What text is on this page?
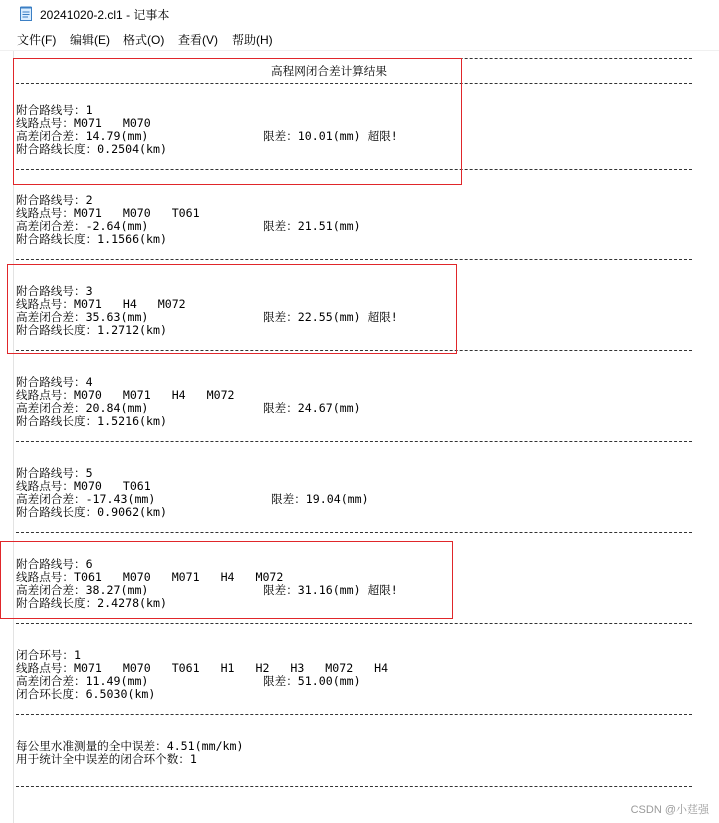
20241020-2.cl1 - 记事本
文件(F) 编辑(E) 格式(O) 查看(V) 帮助(H)
高程网闭合差计算结果
附合路线号：1
线路点号：M071   M070
高差闭合差：14.79(mm)	限差：10.01(mm) 超限!
附合路线长度：0.2504(km)
附合路线号：2
线路点号：M071   M070   T061
高差闭合差：-2.64(mm)	限差：21.51(mm)
附合路线长度：1.1566(km)
附合路线号：3
线路点号：M071   H4   M072
高差闭合差：35.63(mm)	限差：22.55(mm) 超限!
附合路线长度：1.2712(km)
附合路线号：4
线路点号：M070   M071   H4   M072
高差闭合差：20.84(mm)	限差：24.67(mm)
附合路线长度：1.5216(km)
附合路线号：5
线路点号：M070   T061
高差闭合差：-17.43(mm)	限差：19.04(mm)
附合路线长度：0.9062(km)
附合路线号：6
线路点号：T061   M070   M071   H4   M072
高差闭合差：38.27(mm)	限差：31.16(mm) 超限!
附合路线长度：2.4278(km)
闭合环号：1
线路点号：M071   M070   T061   H1   H2   H3   M072   H4
高差闭合差：11.49(mm)	限差：51.00(mm)
闭合环长度：6.5030(km)
每公里水准测量的全中误差：4.51(mm/km)
用于统计全中误差的闭合环个数：1
CSDN @小莛强
